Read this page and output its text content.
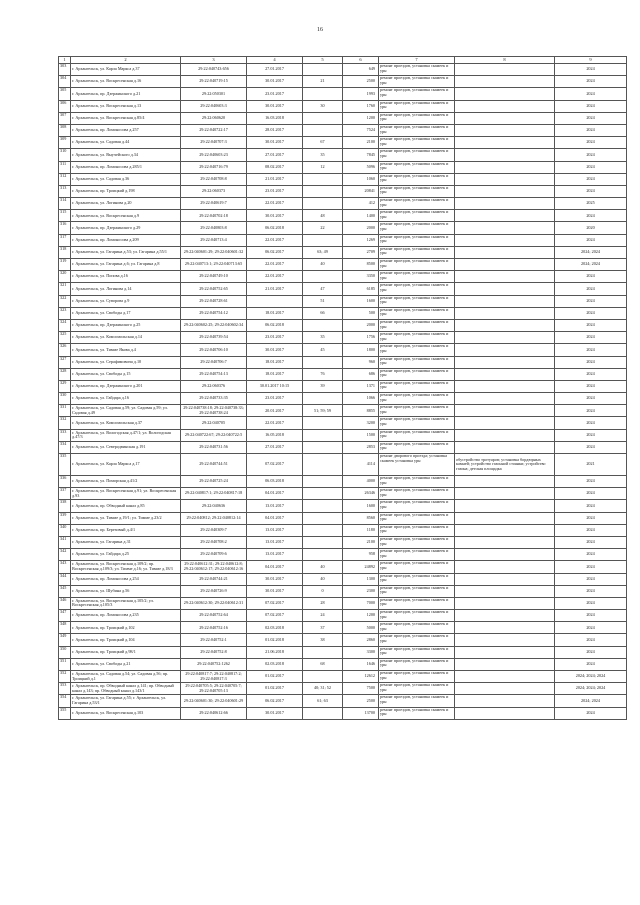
16
1	2	3	4	5	6	7	8	9
303	г. Архангельск, ул. Карла Маркса д.37	29:22:040743:656	27.01.2017		649	ремонт проездов, установка скамеек и урн		2024
304	г. Архангельск, ул. Воскресенская д.16	29:22:040719:15	30.01.2017	21	2500	ремонт проездов, установка скамеек и урн		2024
305	г. Архангельск, пр. Дзержинского д.21	29:22:050301	23.01.2017		1993	ремонт проездов, установка скамеек и урн		2024
306	г. Архангельск, ул. Воскресенская д.13	29:22:040603:3	30.01.2017	30	1760	ремонт проездов, установка скамеек и урн		2024
307	г. Архангельск, ул. Воскресенская д.85/4	29:22:060620	16.03.2018		1200	ремонт проездов, установка скамеек и урн		2024
308	г. Архангельск, пр. Ломоносова д.257	29:22:040722:17	28.01.2017		7524	ремонт проездов, установка скамеек и урн		2024
309	г. Архангельск, ул. Садовая д.44	29:22:040707:3	30.01.2017	67	2100	ремонт проездов, установка скамеек и урн		2024
310	г. Архангельск, ул. Выучейского д.34	29:22:040603:23	27.01.2017	35	7845	ремонт проездов, установка скамеек и урн		2024
311	г. Архангельск, пр. Ломоносова д.285/1	29:22:040716:79	08.02.2017	12	5096	ремонт проездов, установка скамеек и урн		2024
312	г. Архангельск, ул. Садовая д.36	29:22:040708:8	21.01.2017		1060	ремонт проездов, установка скамеек и урн		2024
313	г. Архангельск, пр. Троицкий д.198	29:22:060373	23.01.2017		20841	ремонт проездов, установка скамеек и урн		2024
314	г. Архангельск, ул. Логинова д.20	29:22:040619:7	22.01.2017		412	ремонт проездов, установка скамеек и урн		2025
315	г. Архангельск, ул. Воскресенская д.9	29:22:040702:18	30.01.2017	48	1400	ремонт проездов, установка скамеек и урн		2024
316	г. Архангельск, пр. Дзержинского д.29	29:22:040803:8	06.02.2018	22	2000	ремонт проездов, установка скамеек и урн		2020
317	г. Архангельск, пр. Ломоносова д.209	29:22:040713:4	22.01.2017		1269	ремонт проездов, установка скамеек и урн		2024
318	г. Архангельск, ул. Гагарина д.53; ул. Гагарина д.55/1	29:22:040601:29; 29:22:040601:32	06.02.2017	63; 49	2709	ремонт проездов, установка скамеек и урн		2024; 2024
319	г. Архангельск, ул. Гагарина д.6; ул. Гагарина д.8	29:22:040713:1; 29:22:040713:65	22.01.2017	40	8500	ремонт проездов, установка скамеек и урн		2024; 2024
320	г. Архангельск, ул. Попова д.16	29:22:040749:10	22.01.2017		3350	ремонт проездов, установка скамеек и урн		2024
321	г. Архангельск, ул. Логинова д.14	29:22:040752:65	21.01.2017	47	6185	ремонт проездов, установка скамеек и урн		2024
322	г. Архангельск, ул. Суворова д.9	29:22:040728:61		51	1600	ремонт проездов, установка скамеек и урн		2024
323	г. Архангельск, ул. Свободы д.17	29:22:040754:12	18.01.2017	66	500	ремонт проездов, установка скамеек и урн		2024
324	г. Архангельск, пр. Дзержинского д.25	29:22:040602:25; 29:22:040602:34	06.02.2018		2000	ремонт проездов, установка скамеек и урн		2024
325	г. Архангельск, ул. Комсомольская д.14	29:22:040739:54	23.01.2017	35	1756	ремонт проездов, установка скамеек и урн		2024
326	г. Архангельск, ул. Тимме Якова д.4	29:22:040706:10	30.01.2017	45	1800	ремонт проездов, установка скамеек и урн		2024
327	г. Архангельск, ул. Серафимовича д.10	29:22:040706:7	18.01.2017		960	ремонт проездов, установка скамеек и урн		2024
328	г. Архангельск, ул. Свободы д.15	29:22:040754:13	18.01.2017	76	686	ремонт проездов, установка скамеек и урн		2024
329	г. Архангельск, пр. Дзержинского д.201	29:22:060376	30.01.2017 10:15	39	1371	ремонт проездов, установка скамеек и урн		2024
330	г. Архангельск, ул. Гайдара д.16	29:22:040733:35	23.01.2017		1066	ремонт проездов, установка скамеек и урн		2024
331	г. Архангельск, ул. Садовая д.59; ул. Садовая д.59; ул. Садовая д.49	29:22:040738:18; 29:22:040738:33; 29:22:040738:24	20.01.2017	51; 59; 59	8855	ремонт проездов, установка скамеек и урн		2024
332	г. Архангельск, ул. Комсомольская д.37	29:22:040705	22.01.2017		3200	ремонт проездов, установка скамеек и урн		2024
333	г. Архангельск, ул. Вологодская д.47/1; ул. Вологодская д.47/3	29:22:040722:67; 29:22:040722:5	16.05.2018		1500	ремонт проездов, установка скамеек и урн		2024
334	г. Архангельск, ул. Северодвинская д.191	29:22:040731:56	27.01.2017		2853	ремонт проездов, установка скамеек и урн		2024
335	г. Архангельск, ул. Карла Маркса д.17	29:22:040744:51	07.02.2017		4114	ремонт дворового проезда; установка скамеек установка урн	обустройство тротуаров; установка бордюрных камней; устройство газонной стоянки; устройство газона; детская площадка	2021
336	г. Архангельск, ул. Поморская д.41/2	29:22:040725:24	06.03.2018		4000	ремонт проездов, установка скамеек и урн		2024
337	г. Архангельск, ул. Воскресенская д.91; ул. Воскресенская д.93	29:22:040817:1; 29:22:040817:18	04.01.2017		26346	ремонт проездов, установка скамеек и урн		2024
338	г. Архангельск, пр. Обводный канал д.85	29:22:040636	13.01.2017		1600	ремонт проездов, установка скамеек и урн		2024
339	г. Архангельск, ул. Тимме д.19/1; ул. Тимме д.23/2	29:22:040812; 29:22:040812:14	04.01.2017		8560	ремонт проездов, установка скамеек и урн		2024
340	г. Архангельск, пр. Березовый д.4/1	29:22:040309:7	13.01.2017		1180	ремонт проездов, установка скамеек и урн		2024
341	г. Архангельск, ул. Гагарина д.31	29:22:040708:2	13.01.2017		2100	ремонт проездов, установка скамеек и урн		2024
342	г. Архангельск, ул. Гайдара д.25	29:22:040709:6	13.01.2017		958	ремонт проездов, установка скамеек и урн		2024
343	г. Архангельск, ул. Воскресенская д.109/2; пр. Воскресенская д.109/3; ул. Тимме д.16; ул. Тимме д.18/3	29:22:040612:31; 29:22:040612:8; 29:22:040612:17; 29:22:040612:16	04.01.2017	40	24892	ремонт проездов, установка скамеек и урн		2024
344	г. Архангельск, пр. Ломоносова д.254	29:22:040744:21	30.01.2017	40	1300	ремонт проездов, установка скамеек и урн		2024
345	г. Архангельск, ул. Шубина д.56	29:22:040726:9	30.01.2017	0	2300	ремонт проездов, установка скамеек и урн		2024
346	г. Архангельск, ул. Воскресенская д.105/2; ул. Воскресенская д.105/3	29:22:040612:30; 29:22:040612:31	07.02.2017	28	7000	ремонт проездов, установка скамеек и урн		2024
347	г. Архангельск, пр. Ломоносова д.235	29:22:040752:64	07.02.2017	24	1200	ремонт проездов, установка скамеек и урн		2024
348	г. Архангельск, пр. Троицкий д.102	29:22:040752:16	02.03.2018	37	5000	ремонт проездов, установка скамеек и урн		2024
349	г. Архангельск, пр. Троицкий д.104	29:22:040752:1	01.02.2018	38	2860	ремонт проездов, установка скамеек и урн		2024
350	г. Архангельск, пр. Троицкий д.98/1	29:22:040752:8	21.06.2018		3300	ремонт проездов, установка скамеек и урн		2024
351	г. Архангельск, ул. Свободы д.21	29:22:040752:1262	02.03.2018	68	1646	ремонт проездов, установка скамеек и урн		2024
352	г. Архангельск, ул. Садовая д.54; ул. Садовая д.56; пр. Троицкий д.1	29:22:040817:7; 29:22:040817:2; 29:22:040817:3	01.02.2017		12612	ремонт проездов, установка скамеек и урн		2024; 2024; 2024
353	г. Архангельск, пр. Обводный канал д.141; пр. Обводный канал д.143; пр. Обводный канал д.143/1	29:22:040705:5; 29:22:040705:7; 29:22:040705:13	01.02.2017	40; 31; 52	7500	ремонт проездов, установка скамеек и урн		2024; 2024; 2024
354	г. Архангельск, ул. Гагарина д.55; г. Архангельск, ул. Гагарина д.53/1	29:22:040601:30; 29:22:040601:29	06.02.2017	61; 63	2500	ремонт проездов, установка скамеек и урн		2024; 2024
355	г. Архангельск, ул. Воскресенская д.103	29:22:040612:66	30.01.2017		13700	ремонт проездов, установка скамеек и урн		2024
